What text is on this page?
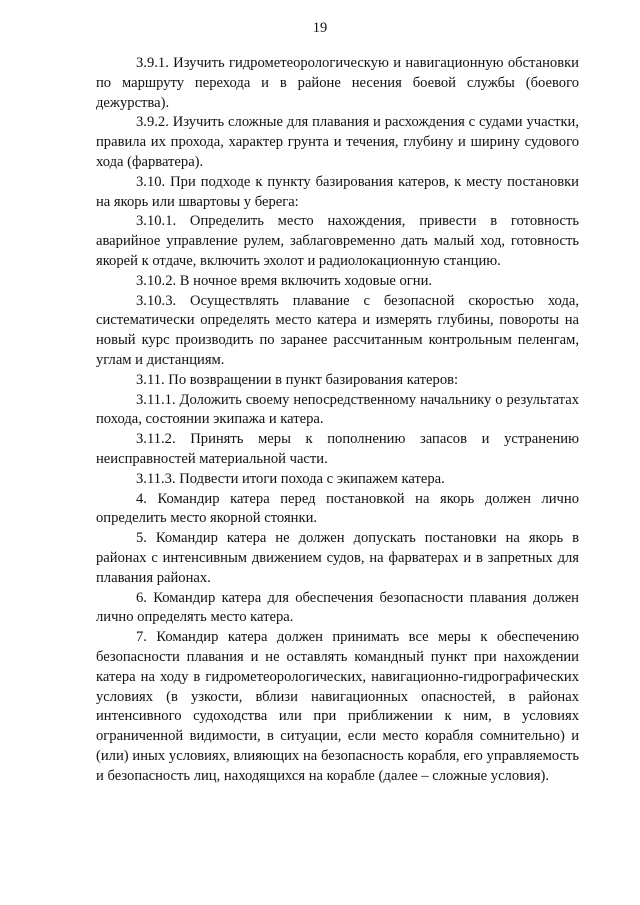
19

3.9.1. Изучить гидрометеорологическую и навигационную обстановки по маршруту перехода и в районе несения боевой службы (боевого дежурства).

3.9.2. Изучить сложные для плавания и расхождения с судами участки, правила их прохода, характер грунта и течения, глубину и ширину судового хода (фарватера).

3.10. При подходе к пункту базирования катеров, к месту постановки на якорь или швартовы у берега:

3.10.1. Определить место нахождения, привести в готовность аварийное управление рулем, заблаговременно дать малый ход, готовность якорей к отдаче, включить эхолот и радиолокационную станцию.

3.10.2. В ночное время включить ходовые огни.

3.10.3. Осуществлять плавание с безопасной скоростью хода, систематически определять место катера и измерять глубины, повороты на новый курс производить по заранее рассчитанным контрольным пеленгам, углам и дистанциям.

3.11. По возвращении в пункт базирования катеров:

3.11.1. Доложить своему непосредственному начальнику о результатах похода, состоянии экипажа и катера.

3.11.2. Принять меры к пополнению запасов и устранению неисправностей материальной части.

3.11.3. Подвести итоги похода с экипажем катера.

4. Командир катера перед постановкой на якорь должен лично определить место якорной стоянки.

5. Командир катера не должен допускать постановки на якорь в районах с интенсивным движением судов, на фарватерах и в запретных для плавания районах.

6. Командир катера для обеспечения безопасности плавания должен лично определять место катера.

7. Командир катера должен принимать все меры к обеспечению безопасности плавания и не оставлять командный пункт при нахождении катера на ходу в гидрометеорологических, навигационно-гидрографических условиях (в узкости, вблизи навигационных опасностей, в районах интенсивного судоходства или при приближении к ним, в условиях ограниченной видимости, в ситуации, если место корабля сомнительно) и (или) иных условиях, влияющих на безопасность корабля, его управляемость и безопасность лиц, находящихся на корабле (далее – сложные условия).
